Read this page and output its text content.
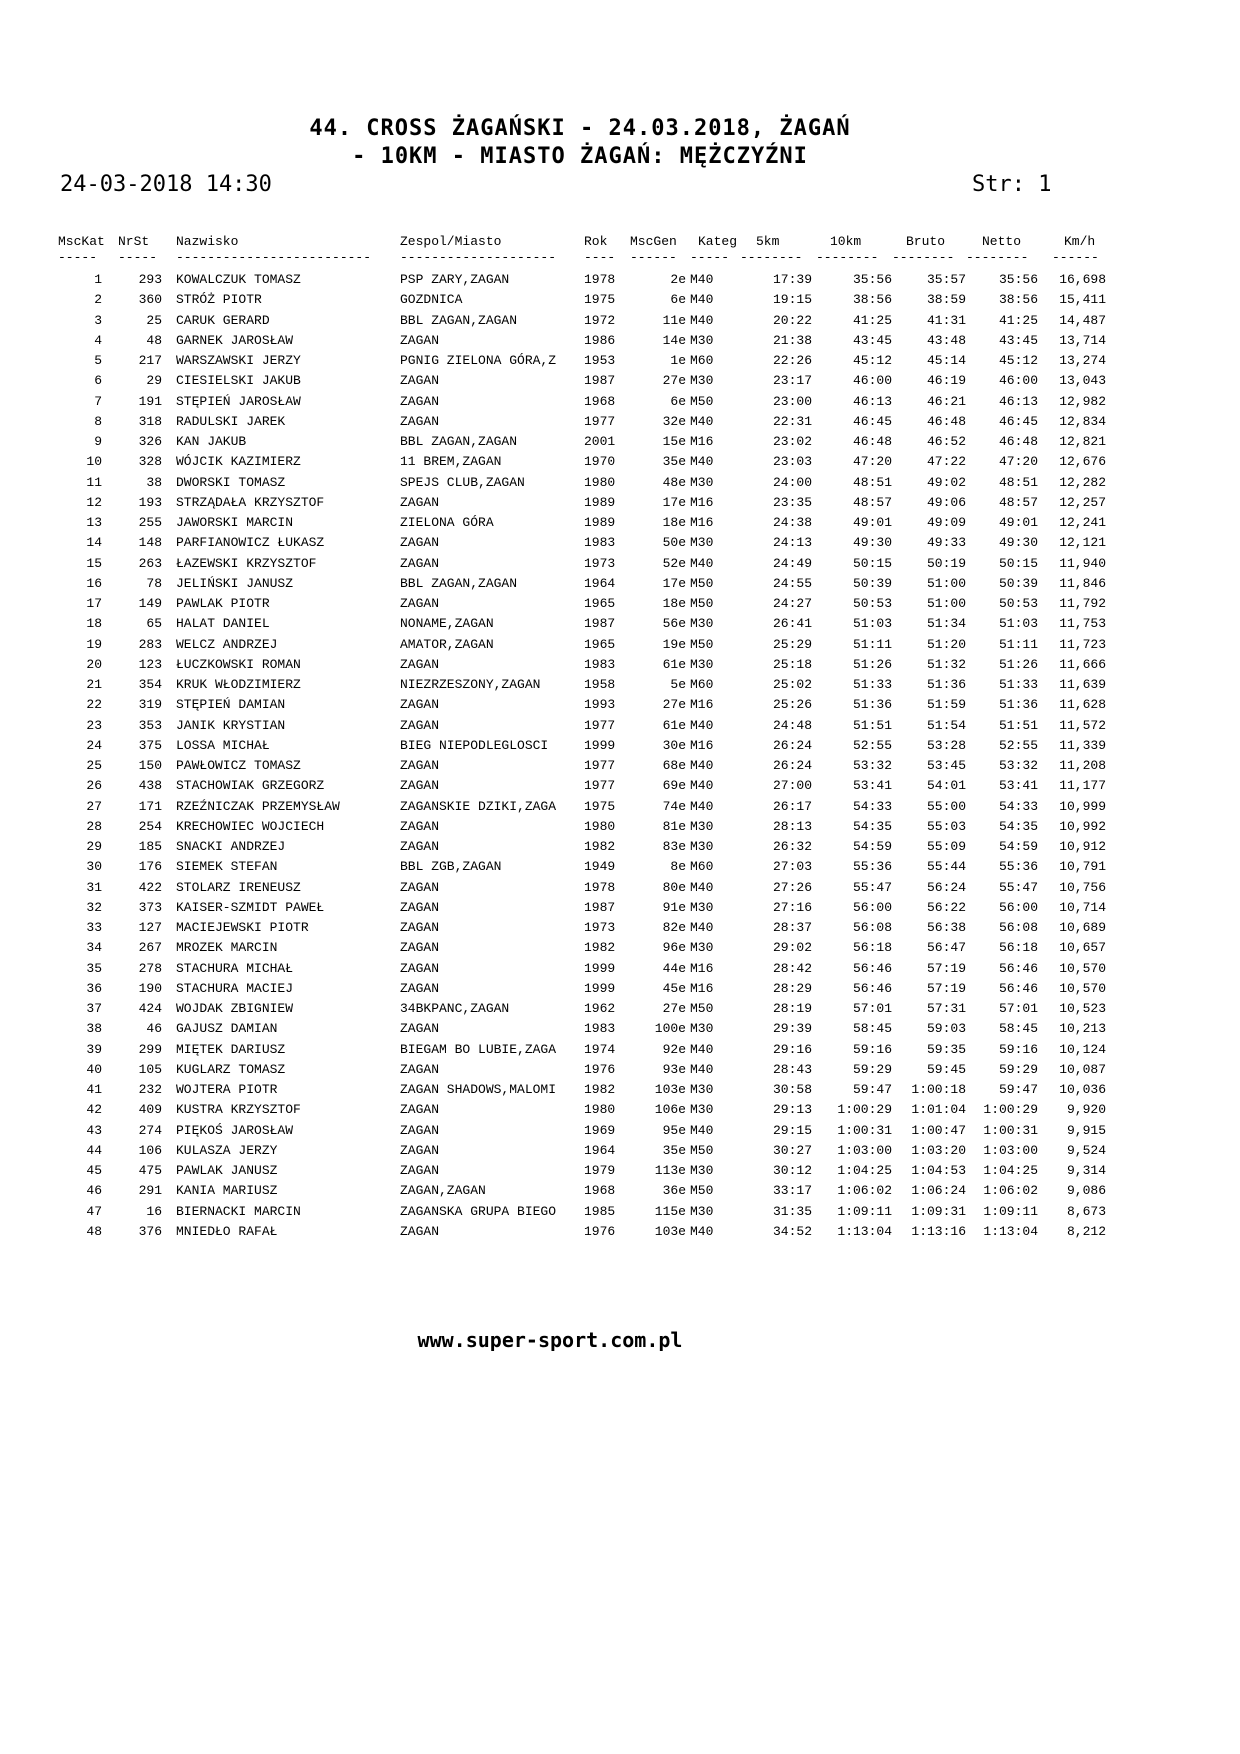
44. CROSS ŻAGAŃSKI - 24.03.2018, ŻAGAŃ
- 10KM - MIASTO ŻAGAŃ: MĘŻCZYŹNI
24-03-2018 14:30	Str: 1
MscKat NrSt Nazwisko	Zespol/Miasto	Rok MscGen Kateg 5km	10km	Bruto	Netto	Km/h
----- ----- ------------------------- -------------------- ---- ------ ----- -------- -------- -------- -------- ------
1	293 KOWALCZUK TOMASZ	PSP ZARY,ZAGAN	1978	2e M40	17:39	35:56	35:57	35:56	16,698
2	360 STRÓŻ PIOTR	GOZDNICA	1975	6e M40	19:15	38:56	38:59	38:56	15,411
3	25 CARUK GERARD	BBL ZAGAN,ZAGAN	1972	11e M40	20:22	41:25	41:31	41:25	14,487
4	48 GARNEK JAROSŁAW	ZAGAN	1986	14e M30	21:38	43:45	43:48	43:45	13,714
5	217 WARSZAWSKI JERZY	PGNIG ZIELONA GÓRA,Z	1953	1e M60	22:26	45:12	45:14	45:12	13,274
6	29 CIESIELSKI JAKUB	ZAGAN	1987	27e M30	23:17	46:00	46:19	46:00	13,043
7	191 STĘPIEŃ JAROSŁAW	ZAGAN	1968	6e M50	23:00	46:13	46:21	46:13	12,982
8	318 RADULSKI JAREK	ZAGAN	1977	32e M40	22:31	46:45	46:48	46:45	12,834
9	326 KAN JAKUB	BBL ZAGAN,ZAGAN	2001	15e M16	23:02	46:48	46:52	46:48	12,821
10	328 WÓJCIK KAZIMIERZ	11 BREM,ZAGAN	1970	35e M40	23:03	47:20	47:22	47:20	12,676
11	38 DWORSKI TOMASZ	SPEJS CLUB,ZAGAN	1980	48e M30	24:00	48:51	49:02	48:51	12,282
12	193 STRZĄDAŁA KRZYSZTOF	ZAGAN	1989	17e M16	23:35	48:57	49:06	48:57	12,257
13	255 JAWORSKI MARCIN	ZIELONA GÓRA	1989	18e M16	24:38	49:01	49:09	49:01	12,241
14	148 PARFIANOWICZ ŁUKASZ	ZAGAN	1983	50e M30	24:13	49:30	49:33	49:30	12,121
15	263 ŁAZEWSKI KRZYSZTOF	ZAGAN	1973	52e M40	24:49	50:15	50:19	50:15	11,940
16	78 JELIŃSKI JANUSZ	BBL ZAGAN,ZAGAN	1964	17e M50	24:55	50:39	51:00	50:39	11,846
17	149 PAWLAK PIOTR	ZAGAN	1965	18e M50	24:27	50:53	51:00	50:53	11,792
18	65 HALAT DANIEL	NONAME,ZAGAN	1987	56e M30	26:41	51:03	51:34	51:03	11,753
19	283 WELCZ ANDRZEJ	AMATOR,ZAGAN	1965	19e M50	25:29	51:11	51:20	51:11	11,723
20	123 ŁUCZKOWSKI ROMAN	ZAGAN	1983	61e M30	25:18	51:26	51:32	51:26	11,666
21	354 KRUK WŁODZIMIERZ	NIEZRZESZONY,ZAGAN	1958	5e M60	25:02	51:33	51:36	51:33	11,639
22	319 STĘPIEŃ DAMIAN	ZAGAN	1993	27e M16	25:26	51:36	51:59	51:36	11,628
23	353 JANIK KRYSTIAN	ZAGAN	1977	61e M40	24:48	51:51	51:54	51:51	11,572
24	375 LOSSA MICHAŁ	BIEG NIEPODLEGLOSCI	1999	30e M16	26:24	52:55	53:28	52:55	11,339
25	150 PAWŁOWICZ TOMASZ	ZAGAN	1977	68e M40	26:24	53:32	53:45	53:32	11,208
26	438 STACHOWIAK GRZEGORZ	ZAGAN	1977	69e M40	27:00	53:41	54:01	53:41	11,177
27	171 RZEŹNICZAK PRZEMYSŁAW	ZAGANSKIE DZIKI,ZAGA	1975	74e M40	26:17	54:33	55:00	54:33	10,999
28	254 KRECHOWIEC WOJCIECH	ZAGAN	1980	81e M30	28:13	54:35	55:03	54:35	10,992
29	185 SNACKI ANDRZEJ	ZAGAN	1982	83e M30	26:32	54:59	55:09	54:59	10,912
30	176 SIEMEK STEFAN	BBL ZGB,ZAGAN	1949	8e M60	27:03	55:36	55:44	55:36	10,791
31	422 STOLARZ IRENEUSZ	ZAGAN	1978	80e M40	27:26	55:47	56:24	55:47	10,756
32	373 KAISER-SZMIDT PAWEŁ	ZAGAN	1987	91e M30	27:16	56:00	56:22	56:00	10,714
33	127 MACIEJEWSKI PIOTR	ZAGAN	1973	82e M40	28:37	56:08	56:38	56:08	10,689
34	267 MROZEK MARCIN	ZAGAN	1982	96e M30	29:02	56:18	56:47	56:18	10,657
35	278 STACHURA MICHAŁ	ZAGAN	1999	44e M16	28:42	56:46	57:19	56:46	10,570
36	190 STACHURA MACIEJ	ZAGAN	1999	45e M16	28:29	56:46	57:19	56:46	10,570
37	424 WOJDAK ZBIGNIEW	34BKPANC,ZAGAN	1962	27e M50	28:19	57:01	57:31	57:01	10,523
38	46 GAJUSZ DAMIAN	ZAGAN	1983	100e M30	29:39	58:45	59:03	58:45	10,213
39	299 MIĘTEK DARIUSZ	BIEGAM BO LUBIE,ZAGA	1974	92e M40	29:16	59:16	59:35	59:16	10,124
40	105 KUGLARZ TOMASZ	ZAGAN	1976	93e M40	28:43	59:29	59:45	59:29	10,087
41	232 WOJTERA PIOTR	ZAGAN SHADOWS,MALOMI	1982	103e M30	30:58	59:47	1:00:18	59:47	10,036
42	409 KUSTRA KRZYSZTOF	ZAGAN	1980	106e M30	29:13	1:00:29	1:01:04	1:00:29	9,920
43	274 PIĘKOŚ JAROSŁAW	ZAGAN	1969	95e M40	29:15	1:00:31	1:00:47	1:00:31	9,915
44	106 KULASZA JERZY	ZAGAN	1964	35e M50	30:27	1:03:00	1:03:20	1:03:00	9,524
45	475 PAWLAK JANUSZ	ZAGAN	1979	113e M30	30:12	1:04:25	1:04:53	1:04:25	9,314
46	291 KANIA MARIUSZ	ZAGAN,ZAGAN	1968	36e M50	33:17	1:06:02	1:06:24	1:06:02	9,086
47	16 BIERNACKI MARCIN	ZAGANSKA GRUPA BIEGO	1985	115e M30	31:35	1:09:11	1:09:31	1:09:11	8,673
48	376 MNIEDŁO RAFAŁ	ZAGAN	1976	103e M40	34:52	1:13:04	1:13:16	1:13:04	8,212
www.super-sport.com.pl
